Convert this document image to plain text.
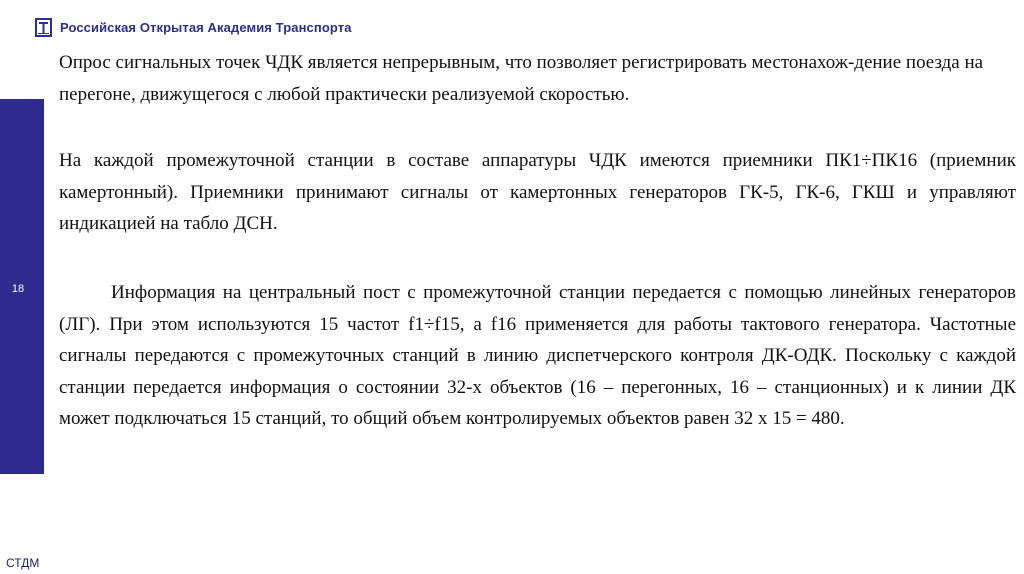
Российская Открытая Академия Транспорта
18

Опрос сигнальных точек ЧДК является непрерывным, что позволяет регистрировать местонахож-дение поезда на перегоне, движущегося с любой практически реализуемой скоростью.

На каждой промежуточной станции в составе аппаратуры ЧДК имеются приемники ПК1÷ПК16 (приемник камертонный). Приемники принимают сигналы от камертонных генераторов ГК-5, ГК-6, ГКШ и управляют индикацией на табло ДСН.

Информация на центральный пост с промежуточной станции передается с помощью линейных генераторов (ЛГ). При этом используются 15 частот f1÷f15, а f16 применяется для работы тактового генератора. Частотные сигналы передаются с промежуточных станций в линию диспетчерского контроля ДК-ОДК. Поскольку с каждой станции передается информация о состоянии 32-х объектов (16 – перегонных, 16 – станционных) и к линии ДК может подключаться 15 станций, то общий объем контролируемых объектов равен 32 х 15 = 480.

СТДМ
